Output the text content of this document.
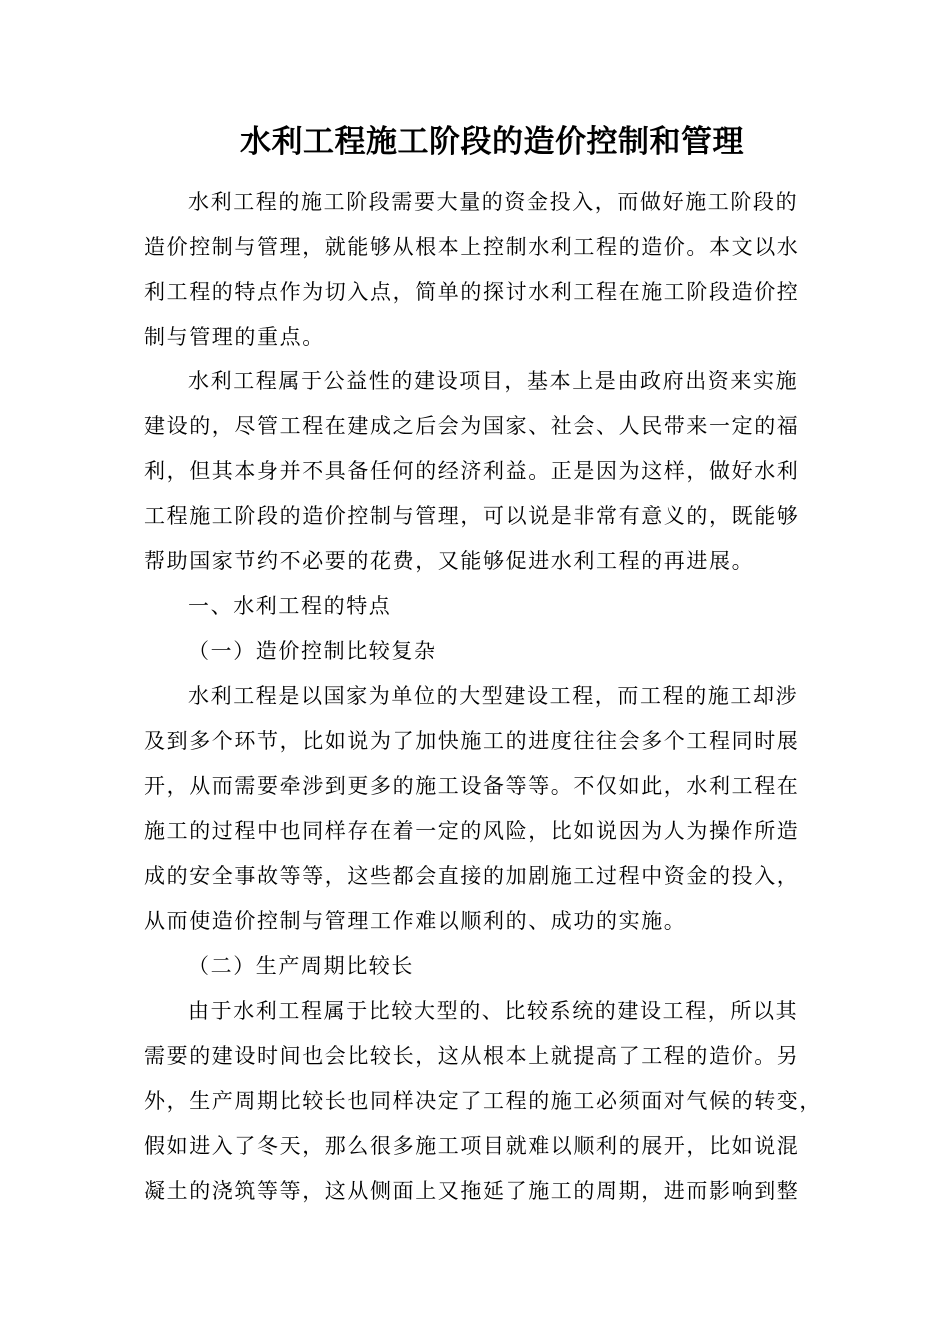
水利工程施工阶段的造价控制和管理
水利工程的施工阶段需要大量的资金投入，而做好施工阶段的
造价控制与管理，就能够从根本上控制水利工程的造价。本文以水
利工程的特点作为切入点，简单的探讨水利工程在施工阶段造价控
制与管理的重点。
水利工程属于公益性的建设项目，基本上是由政府出资来实施
建设的，尽管工程在建成之后会为国家、社会、人民带来一定的福
利，但其本身并不具备任何的经济利益。正是因为这样，做好水利
工程施工阶段的造价控制与管理，可以说是非常有意义的，既能够
帮助国家节约不必要的花费，又能够促进水利工程的再进展。
一、水利工程的特点
（一）造价控制比较复杂
水利工程是以国家为单位的大型建设工程，而工程的施工却涉
及到多个环节，比如说为了加快施工的进度往往会多个工程同时展
开，从而需要牵涉到更多的施工设备等等。不仅如此，水利工程在
施工的过程中也同样存在着一定的风险，比如说因为人为操作所造
成的安全事故等等，这些都会直接的加剧施工过程中资金的投入，
从而使造价控制与管理工作难以顺利的、成功的实施。
（二）生产周期比较长
由于水利工程属于比较大型的、比较系统的建设工程，所以其
需要的建设时间也会比较长，这从根本上就提高了工程的造价。另
外，生产周期比较长也同样决定了工程的施工必须面对气候的转变，
假如进入了冬天，那么很多施工项目就难以顺利的展开，比如说混
凝土的浇筑等等，这从侧面上又拖延了施工的周期，进而影响到整
